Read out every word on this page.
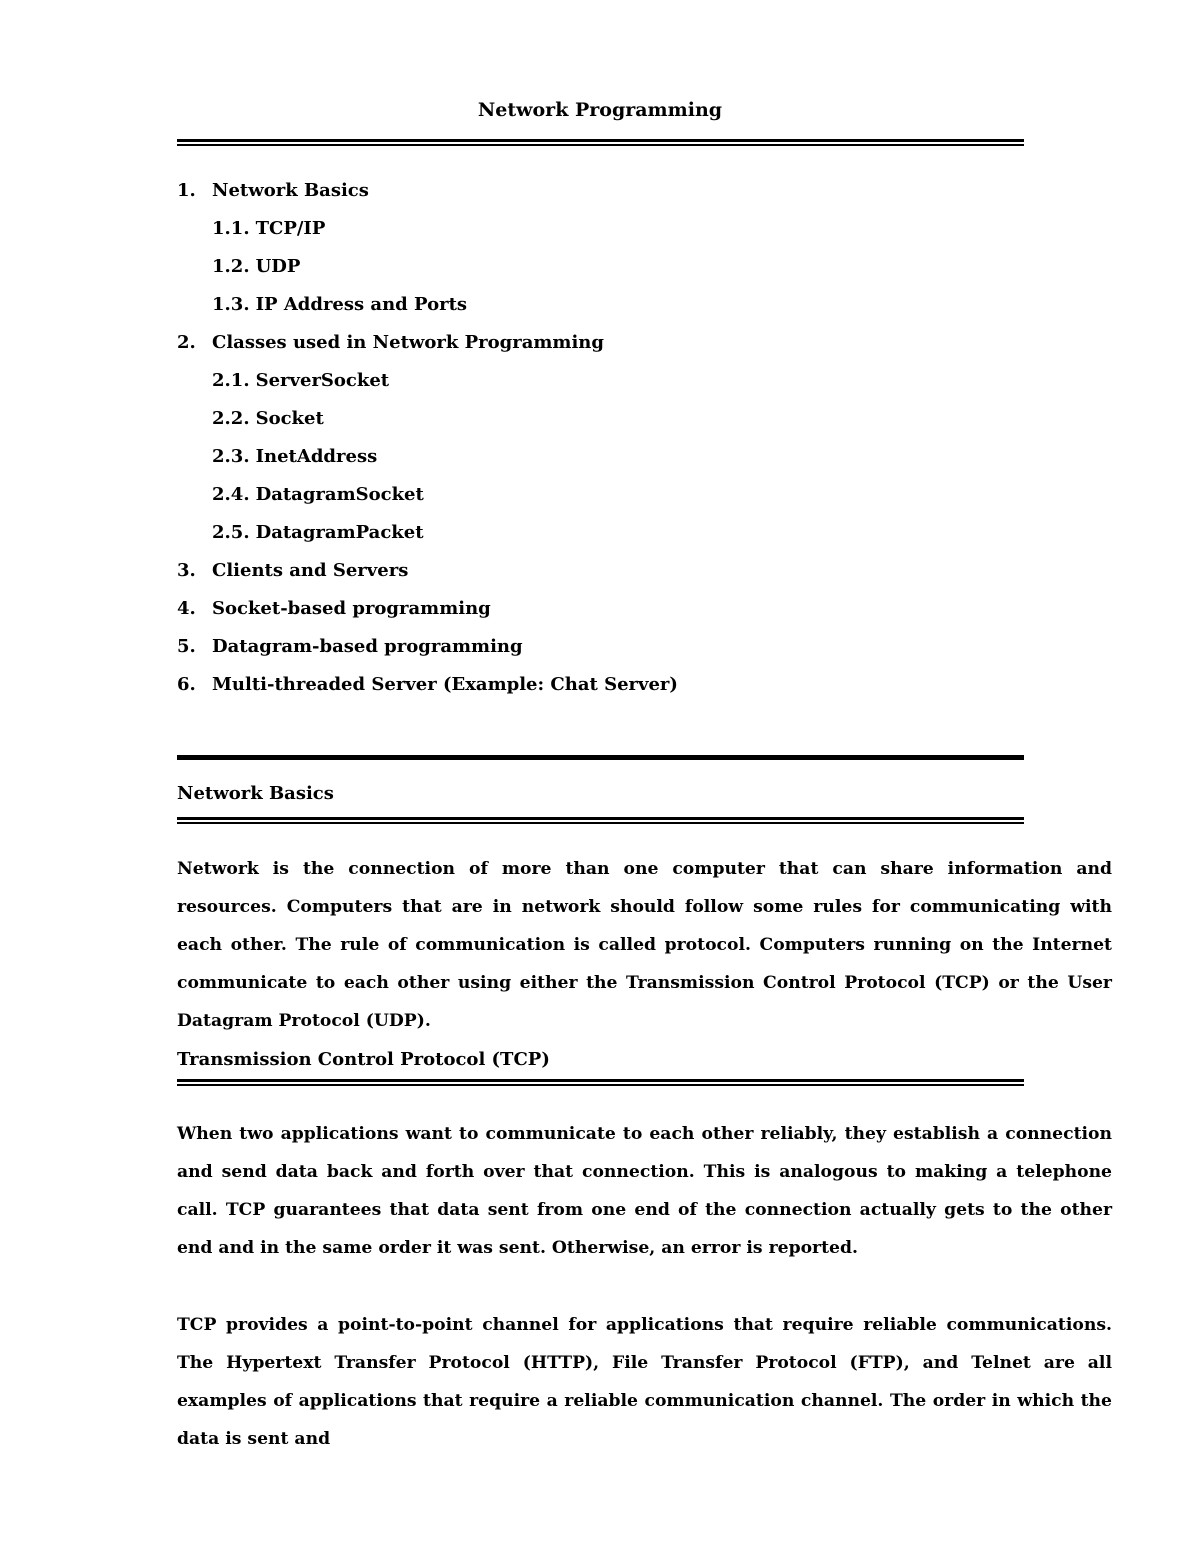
Network Programming
1. Network Basics
1.1. TCP/IP
1.2. UDP
1.3. IP Address and Ports
2. Classes used in Network Programming
2.1. ServerSocket
2.2. Socket
2.3. InetAddress
2.4. DatagramSocket
2.5. DatagramPacket
3. Clients and Servers
4. Socket-based programming
5. Datagram-based programming
6. Multi-threaded Server (Example: Chat Server)
Network Basics

Network is the connection of more than one computer that can share information and resources. Computers that are in network should follow some rules for communicating with each other. The rule of communication is called protocol. Computers running on the Internet communicate to each other using either the Transmission Control Protocol (TCP) or the User Datagram Protocol (UDP).

Transmission Control Protocol (TCP)

When two applications want to communicate to each other reliably, they establish a connection and send data back and forth over that connection. This is analogous to making a telephone call. TCP guarantees that data sent from one end of the connection actually gets to the other end and in the same order it was sent. Otherwise, an error is reported.

TCP provides a point-to-point channel for applications that require reliable communications. The Hypertext Transfer Protocol (HTTP), File Transfer Protocol (FTP), and Telnet are all examples of applications that require a reliable communication channel. The order in which the data is sent and
